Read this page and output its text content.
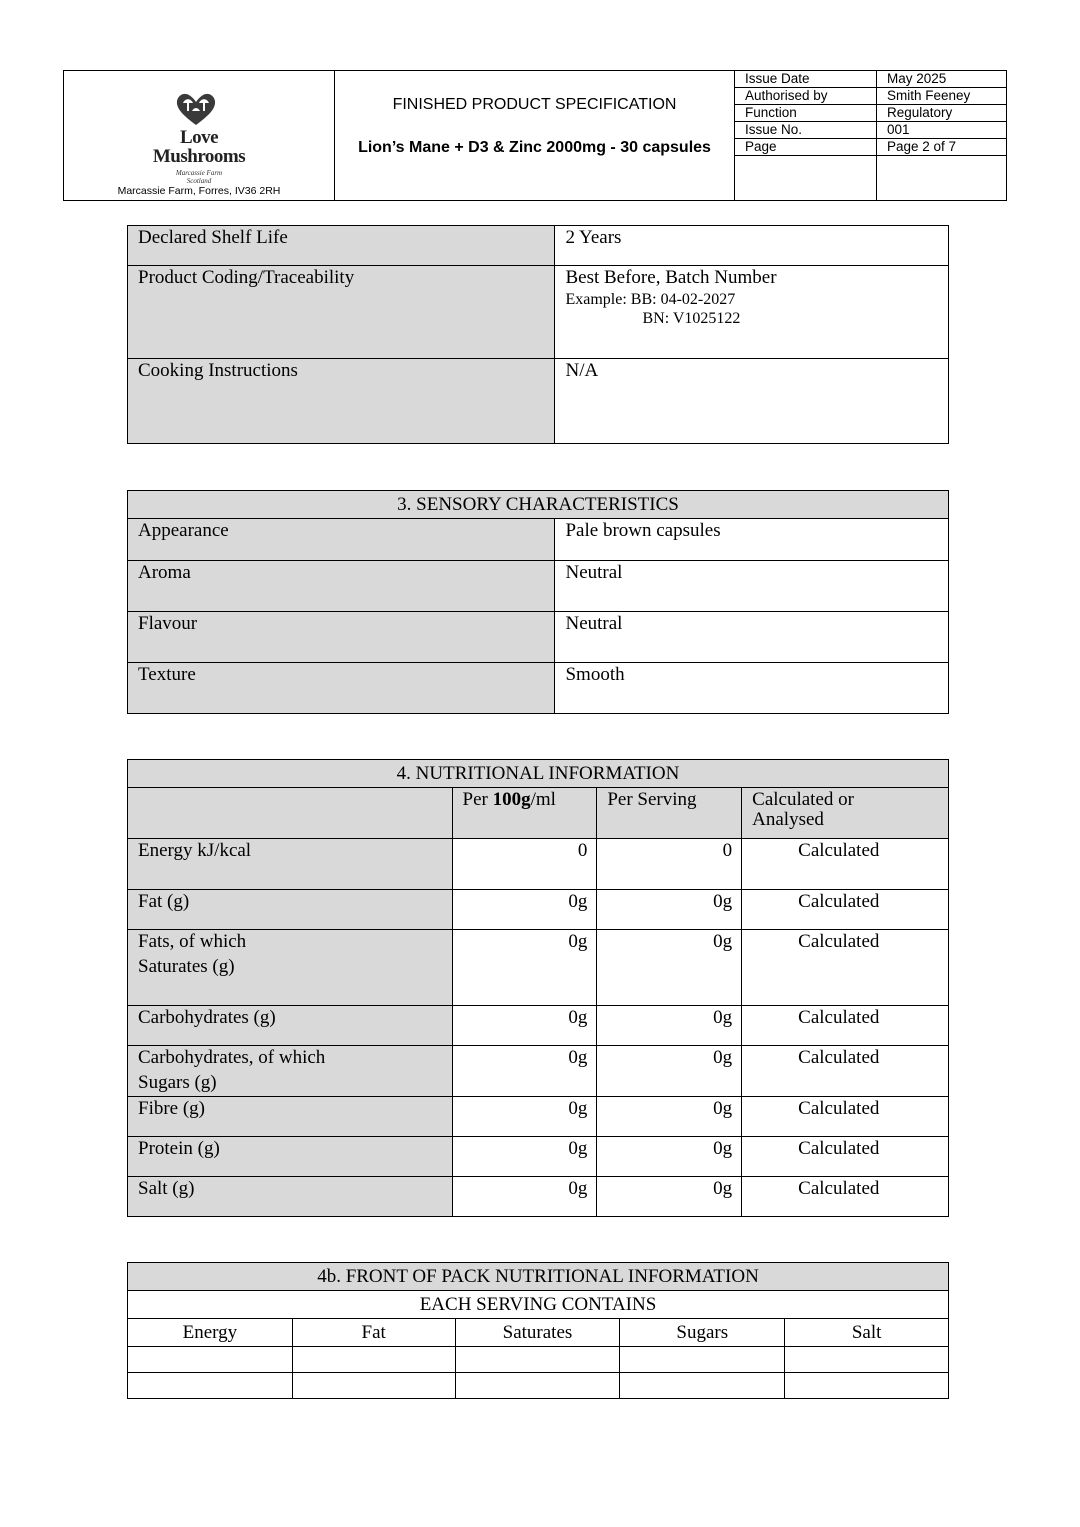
Love
Mushrooms
Marcassie Farm
Scotland
Marcassie Farm, Forres, IV36 2RH
FINISHED PRODUCT SPECIFICATION
Lion’s Mane + D3 & Zinc 2000mg - 30 capsules
Issue Date	May 2025
Authorised by	Smith Feeney
Function	Regulatory
Issue No.	001
Page	Page 2 of 7

Declared Shelf Life	2 Years
Product Coding/Traceability	Best Before, Batch Number
Example: BB: 04-02-2027
BN: V1025122

Cooking Instructions	N/A
3. SENSORY CHARACTERISTICS	
Appearance	Pale brown capsules
Aroma	Neutral
Flavour	Neutral
Texture	Smooth
4. NUTRITIONAL INFORMATION			
	Per 100g/ml	Per Serving	Calculated or Analysed
Energy kJ/kcal	0	0	Calculated
Fat (g)	0g	0g	Calculated

Fats, of which
Saturates (g)	0g	0g	Calculated
Carbohydrates (g)	0g	0g	Calculated

Carbohydrates, of which
Sugars (g)	0g	0g	Calculated
Fibre (g)	0g	0g	Calculated
Protein (g)	0g	0g	Calculated
Salt (g)	0g	0g	Calculated
4b. FRONT OF PACK NUTRITIONAL INFORMATION				
EACH SERVING CONTAINS				
Energy	Fat	Saturates	Sugars	Salt
